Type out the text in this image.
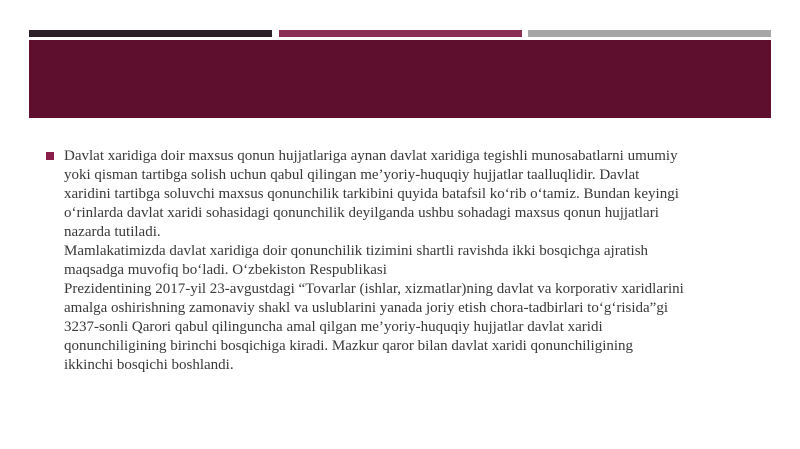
Davlat xaridiga doir maxsus qonun hujjatlariga aynan davlat xaridiga tegishli munosabatlarni umumiy
yoki qisman tartibga solish uchun qabul qilingan me’yoriy-huquqiy hujjatlar taalluqlidir. Davlat
xaridini tartibga soluvchi maxsus qonunchilik tarkibini quyida batafsil ko‘rib o‘tamiz. Bundan keyingi
o‘rinlarda davlat xaridi sohasidagi qonunchilik deyilganda ushbu sohadagi maxsus qonun hujjatlari
nazarda tutiladi.
Mamlakatimizda davlat xaridiga doir qonunchilik tizimini shartli ravishda ikki bosqichga ajratish
maqsadga muvofiq bo‘ladi. O‘zbekiston Respublikasi
Prezidentining 2017-yil 23-avgustdagi “Tovarlar (ishlar, xizmatlar)ning davlat va korporativ xaridlarini
amalga oshirishning zamonaviy shakl va uslublarini yanada joriy etish chora-tadbirlari to‘g‘risida”gi
3237-sonli Qarori qabul qilinguncha amal qilgan me’yoriy-huquqiy hujjatlar davlat xaridi
qonunchiligining birinchi bosqichiga kiradi. Mazkur qaror bilan davlat xaridi qonunchiligining
ikkinchi bosqichi boshlandi.
